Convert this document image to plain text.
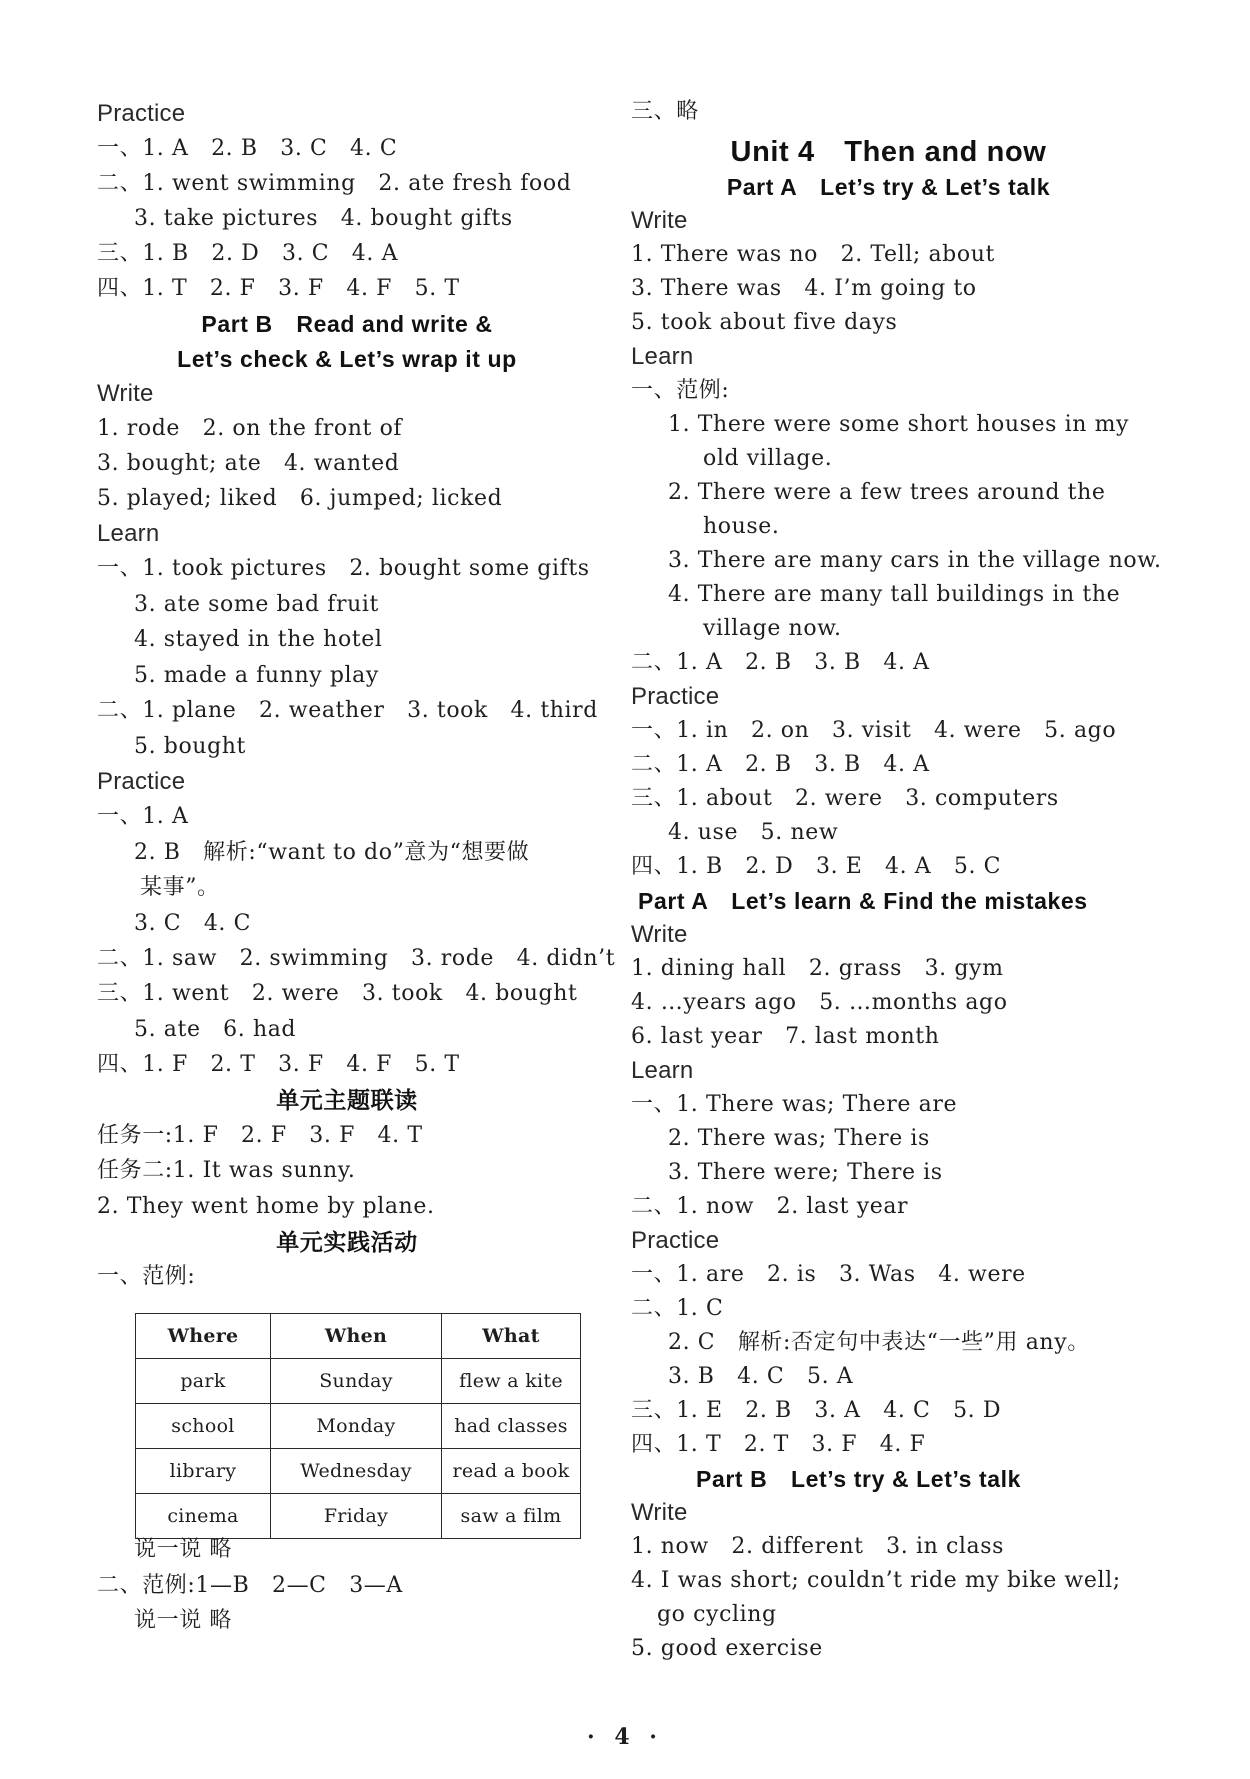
Practice
一、1. A　2. B　3. C　4. C
二、1. went swimming　2. ate fresh food
3. take pictures　4. bought gifts
三、1. B　2. D　3. C　4. A
四、1. T　2. F　3. F　4. F　5. T
Part B　Read and write &
Let’s check & Let’s wrap it up
Write
1. rode　2. on the front of
3. bought; ate　4. wanted
5. played; liked　6. jumped; licked
Learn
一、1. took pictures　2. bought some gifts
3. ate some bad fruit
4. stayed in the hotel
5. made a funny play
二、1. plane　2. weather　3. took　4. third
5. bought
Practice
一、1. A
2. B　解析:“want to do”意为“想要做
某事”。
3. C　4. C
二、1. saw　2. swimming　3. rode　4. didn’t
三、1. went　2. were　3. took　4. bought
5. ate　6. had
四、1. F　2. T　3. F　4. F　5. T
单元主题联读
任务一:1. F　2. F　3. F　4. T
任务二:1. It was sunny.
2. They went home by plane.
单元实践活动
一、范例:
Where	When	What
park	Sunday	flew a kite
school	Monday	had classes
library	Wednesday	read a book
cinema	Friday	saw a film
说一说 略
二、范例:1—B　2—C　3—A
说一说 略
三、略
Unit 4　Then and now
Part A　Let’s try & Let’s talk
Write
1. There was no　2. Tell; about
3. There was　4. I’m going to
5. took about five days
Learn
一、范例:
1. There were some short houses in my
old village.
2. There were a few trees around the
house.
3. There are many cars in the village now.
4. There are many tall buildings in the
village now.
二、1. A　2. B　3. B　4. A
Practice
一、1. in　2. on　3. visit　4. were　5. ago
二、1. A　2. B　3. B　4. A
三、1. about　2. were　3. computers
4. use　5. new
四、1. B　2. D　3. E　4. A　5. C
Part A　Let’s learn & Find the mistakes
Write
1. dining hall　2. grass　3. gym
4. …years ago　5. …months ago
6. last year　7. last month
Learn
一、1. There was; There are
2. There was; There is
3. There were; There is
二、1. now　2. last year
Practice
一、1. are　2. is　3. Was　4. were
二、1. C
2. C　解析:否定句中表达“一些”用 any。
3. B　4. C　5. A
三、1. E　2. B　3. A　4. C　5. D
四、1. T　2. T　3. F　4. F
Part B　Let’s try & Let’s talk
Write
1. now　2. different　3. in class
4. I was short; couldn’t ride my bike well;
go cycling
5. good exercise
· 4 ·
